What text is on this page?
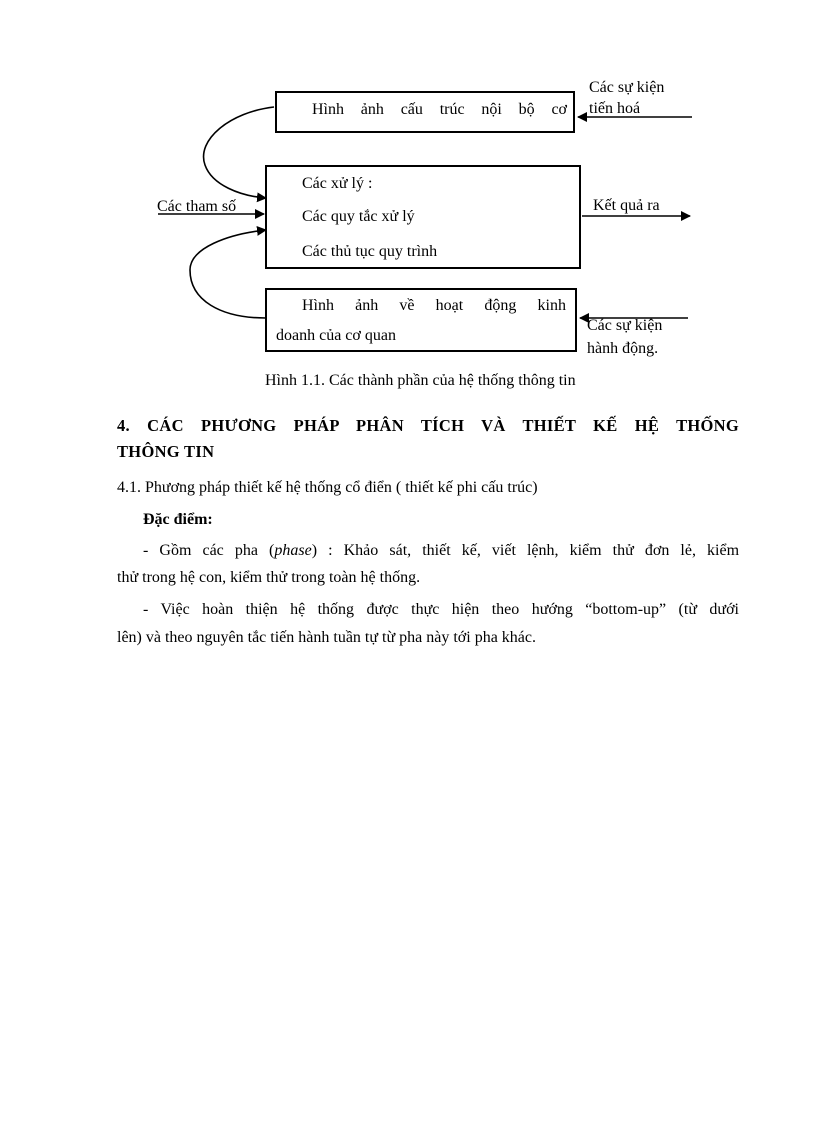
Hình ảnh cấu trúc nội bộ cơ
Các xử lý :
Các quy tắc xử lý
Các thủ tục quy trình
Hình ảnh về hoạt động kinh
doanh của cơ quan
Các sự kiện
tiến hoá
Các tham số	Kết quả ra
Các sự kiện
hành động.
Hình 1.1. Các thành phần của hệ thống thông tin
4. CÁC PHƯƠNG PHÁP PHÂN TÍCH VÀ THIẾT KẾ HỆ THỐNG
THÔNG TIN
4.1. Phương pháp thiết kế hệ thống cổ điển ( thiết kế phi cấu trúc)
Đặc điểm:
- Gồm các pha (phase) : Khảo sát, thiết kế, viết lệnh, kiểm thử đơn lẻ, kiểm
thử trong hệ con, kiểm thử trong toàn hệ thống.
- Việc hoàn thiện hệ thống được thực hiện theo hướng “bottom-up” (từ dưới
lên) và theo nguyên tắc tiến hành tuần tự từ pha này tới pha khác.
